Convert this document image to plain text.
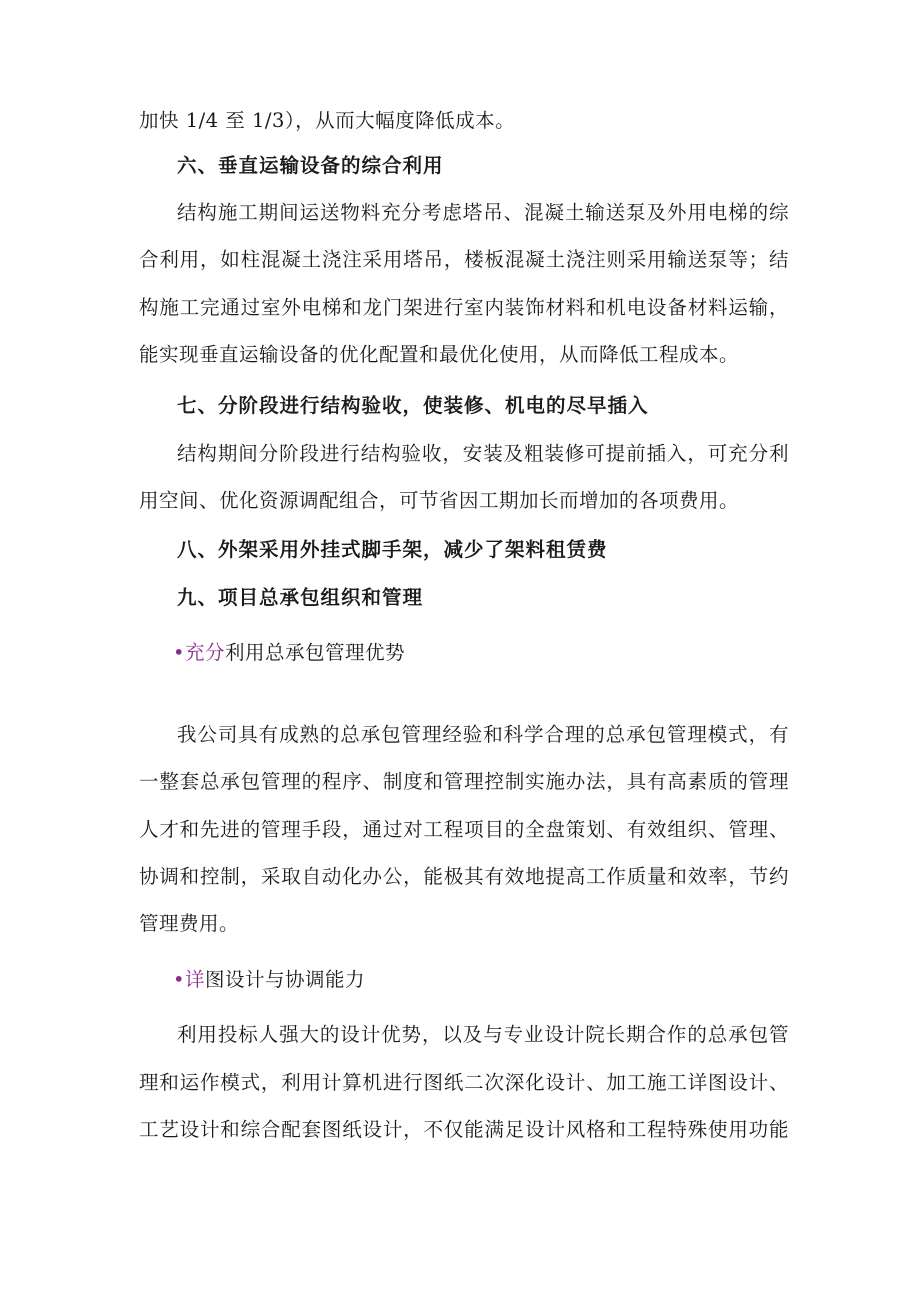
加快 1/4 至 1/3），从而大幅度降低成本。
六、垂直运输设备的综合利用
结构施工期间运送物料充分考虑塔吊、混凝土输送泵及外用电梯的综
合利用，如柱混凝土浇注采用塔吊，楼板混凝土浇注则采用输送泵等；结
构施工完通过室外电梯和龙门架进行室内装饰材料和机电设备材料运输，
能实现垂直运输设备的优化配置和最优化使用，从而降低工程成本。
七、分阶段进行结构验收，使装修、机电的尽早插入
结构期间分阶段进行结构验收，安装及粗装修可提前插入，可充分利
用空间、优化资源调配组合，可节省因工期加长而增加的各项费用。
八、外架采用外挂式脚手架，减少了架料租赁费
九、项目总承包组织和管理
•充分利用总承包管理优势
我公司具有成熟的总承包管理经验和科学合理的总承包管理模式，有
一整套总承包管理的程序、制度和管理控制实施办法，具有高素质的管理
人才和先进的管理手段，通过对工程项目的全盘策划、有效组织、管理、
协调和控制，采取自动化办公，能极其有效地提高工作质量和效率，节约
管理费用。
•详图设计与协调能力
利用投标人强大的设计优势，以及与专业设计院长期合作的总承包管
理和运作模式，利用计算机进行图纸二次深化设计、加工施工详图设计、
工艺设计和综合配套图纸设计，不仅能满足设计风格和工程特殊使用功能
